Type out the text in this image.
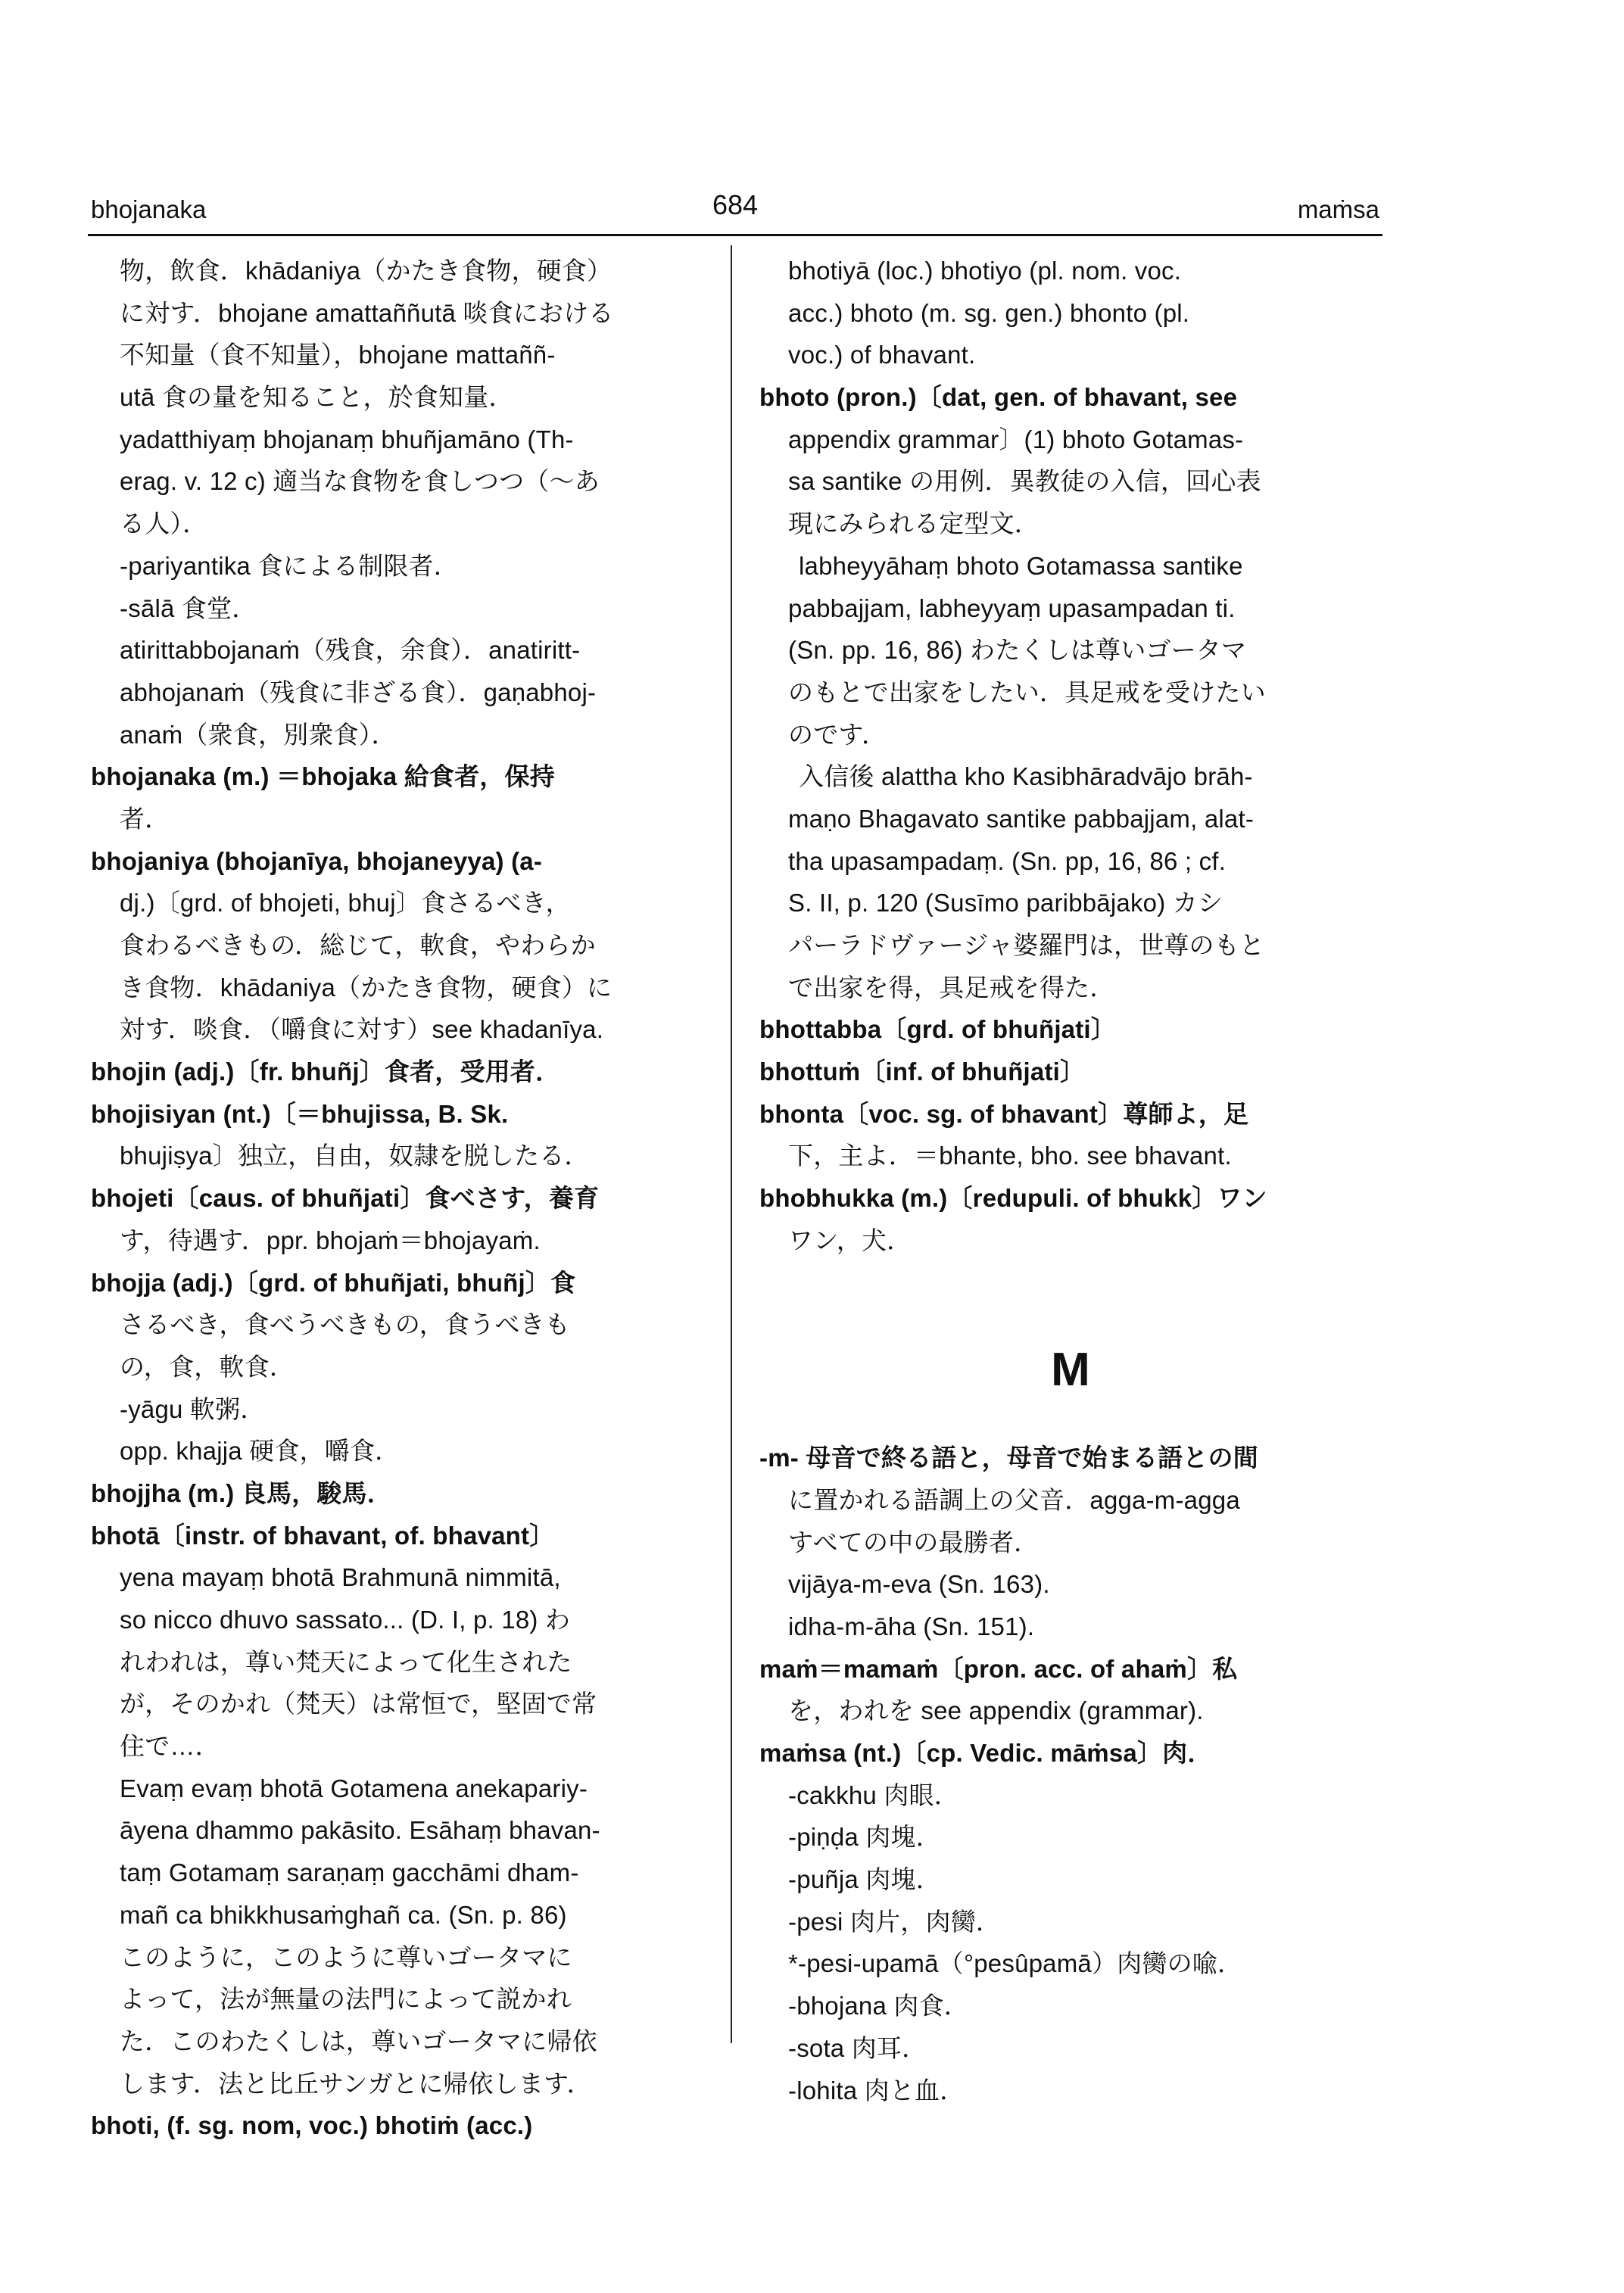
bhojanaka	684	maṁsa
物，飲食．khādaniya（かたき食物，硬食）
に対す．bhojane amattaññutā 啖食における
不知量（食不知量），bhojane mattaññ-
utā 食の量を知ること，於食知量．
yadatthiyaṃ bhojanaṃ bhuñjamāno (Th-
erag. v. 12 c) 適当な食物を食しつつ（～あ
る人）．
-pariyantika 食による制限者．
-sālā 食堂．
atirittabbojanaṁ（残食，余食）．anatiritt-
abhojanaṁ（残食に非ざる食）．gaṇabhoj-
anaṁ（衆食，別衆食）．
bhojanaka (m.) ＝bhojaka 給食者，保持
者．
bhojaniya (bhojanīya, bhojaneyya) (a-
dj.)〔grd. of bhojeti, bhuj〕食さるべき，
食わるべきもの．総じて，軟食，やわらか
き食物．khādaniya（かたき食物，硬食）に
対す．啖食．（嚼食に対す）see khadanīya.
bhojin (adj.)〔fr. bhuñj〕食者，受用者．
bhojisiyan (nt.)〔＝bhujissa, B. Sk.
bhujiṣya〕独立，自由，奴隷を脱したる．
bhojeti〔caus. of bhuñjati〕食べさす，養育
す，待遇す．ppr. bhojaṁ＝bhojayaṁ.
bhojja (adj.)〔grd. of bhuñjati, bhuñj〕食
さるべき，食べうべきもの，食うべきも
の，食，軟食．
-yāgu 軟粥．
opp. khajja 硬食，嚼食．
bhojjha (m.) 良馬，駿馬．
bhotā〔instr. of bhavant, of. bhavant〕
yena mayaṃ bhotā Brahmunā nimmitā,
so nicco dhuvo sassato... (D. I, p. 18) わ
れわれは，尊い梵天によって化生された
が，そのかれ（梵天）は常恒で，堅固で常
住で…．
Evaṃ evaṃ bhotā Gotamena anekapariy-
āyena dhammo pakāsito. Esāhaṃ bhavan-
taṃ Gotamaṃ saraṇaṃ gacchāmi dham-
mañ ca bhikkhusaṁghañ ca. (Sn. p. 86)
このように，このように尊いゴータマに
よって，法が無量の法門によって説かれ
た．このわたくしは，尊いゴータマに帰依
します．法と比丘サンガとに帰依します．
bhoti, (f. sg. nom, voc.) bhotiṁ (acc.)
bhotiyā (loc.) bhotiyo (pl. nom. voc.
acc.) bhoto (m. sg. gen.) bhonto (pl.
voc.) of bhavant.
bhoto (pron.)〔dat, gen. of bhavant, see
appendix grammar〕(1) bhoto Gotamas-
sa santike の用例．異教徒の入信，回心表
現にみられる定型文．
labheyyāhaṃ bhoto Gotamassa santike
pabbajjam, labheyyaṃ upasampadan ti.
(Sn. pp. 16, 86) わたくしは尊いゴータマ
のもとで出家をしたい．具足戒を受けたい
のです．
入信後 alattha kho Kasibhāradvājo brāh-
maṇo Bhagavato santike pabbajjam, alat-
tha upasampadaṃ. (Sn. pp, 16, 86 ; cf.
S. II, p. 120 (Susīmo paribbājako) カシ
パーラドヴァージャ婆羅門は，世尊のもと
で出家を得，具足戒を得た．
bhottabba〔grd. of bhuñjati〕
bhottuṁ〔inf. of bhuñjati〕
bhonta〔voc. sg. of bhavant〕尊師よ，足
下，主よ．＝bhante, bho. see bhavant.
bhobhukka (m.)〔redupuli. of bhukk〕ワン
ワン，犬．
M
-m- 母音で終る語と，母音で始まる語との間
に置かれる語調上の父音．agga-m-agga
すべての中の最勝者．
vijāya-m-eva (Sn. 163).
idha-m-āha (Sn. 151).
maṁ＝mamaṁ〔pron. acc. of ahaṁ〕私
を，われを see appendix (grammar).
maṁsa (nt.)〔cp. Vedic. māṁsa〕肉．
-cakkhu 肉眼．
-piṇḍa 肉塊．
-puñja 肉塊．
-pesi 肉片，肉臠．
*-pesi-upamā（°pesûpamā）肉臠の喩．
-bhojana 肉食．
-sota 肉耳．
-lohita 肉と血．
